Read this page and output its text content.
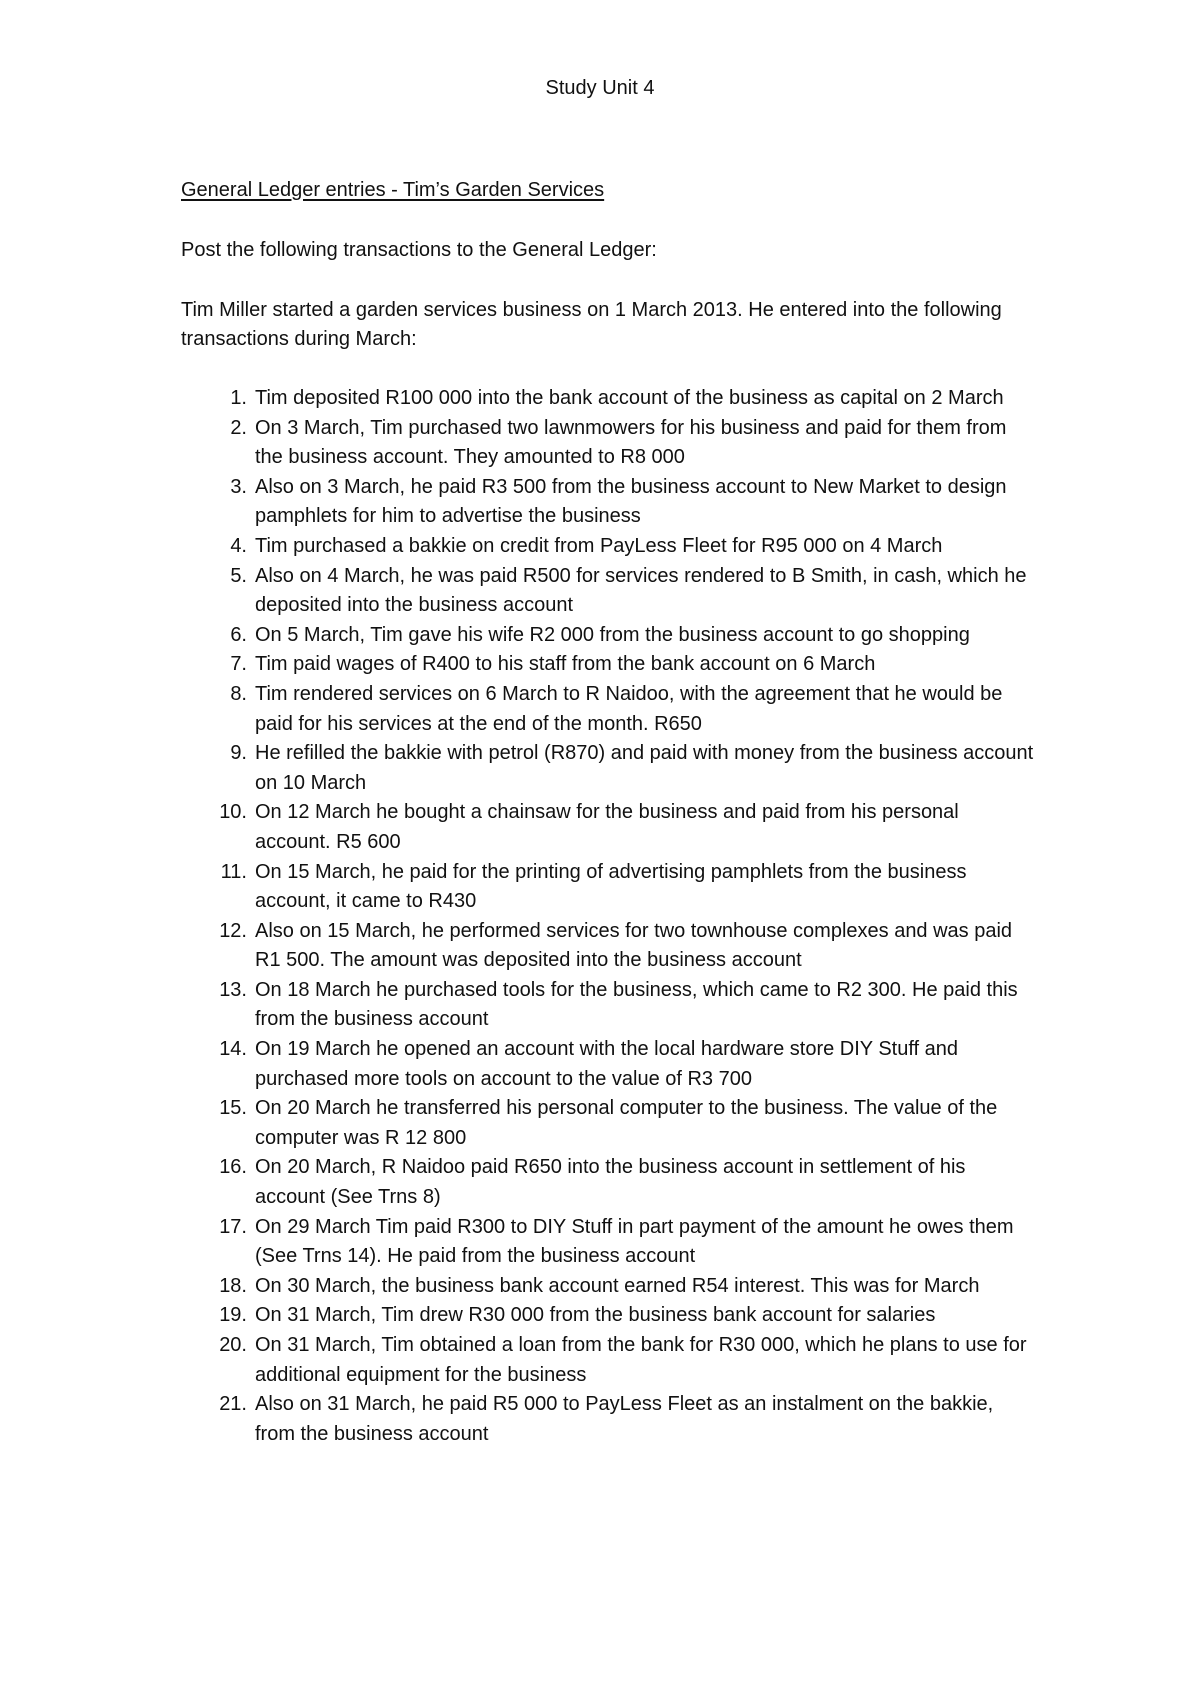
Study Unit 4
General Ledger entries - Tim’s Garden Services
Post the following transactions to the General Ledger:
Tim Miller started a garden services business on 1 March 2013. He entered into the following transactions during March:
1. Tim deposited R100 000 into the bank account of the business as capital on 2 March
2. On 3 March, Tim purchased two lawnmowers for his business and paid for them from the business account. They amounted to R8 000
3. Also on 3 March, he paid R3 500 from the business account to New Market to design pamphlets for him to advertise the business
4. Tim purchased a bakkie on credit from PayLess Fleet for R95 000 on 4 March
5. Also on 4 March, he was paid R500 for services rendered to B Smith, in cash, which he deposited into the business account
6. On 5 March, Tim gave his wife R2 000 from the business account to go shopping
7. Tim paid wages of R400 to his staff from the bank account on 6 March
8. Tim rendered services on 6 March to R Naidoo, with the agreement that he would be paid for his services at the end of the month. R650
9. He refilled the bakkie with petrol (R870) and paid with money from the business account on 10 March
10. On 12 March he bought a chainsaw for the business and paid from his personal account. R5 600
11. On 15 March, he paid for the printing of advertising pamphlets from the business account, it came to R430
12. Also on 15 March, he performed services for two townhouse complexes and was paid R1 500. The amount was deposited into the business account
13. On 18 March he purchased tools for the business, which came to R2 300. He paid this from the business account
14. On 19 March he opened an account with the local hardware store DIY Stuff and purchased more tools on account to the value of R3 700
15. On 20 March he transferred his personal computer to the business. The value of the computer was R 12 800
16. On 20 March, R Naidoo paid R650 into the business account in settlement of his account (See Trns 8)
17. On 29 March Tim paid R300 to DIY Stuff in part payment of the amount he owes them (See Trns 14). He paid from the business account
18. On 30 March, the business bank account earned R54 interest. This was for March
19. On 31 March, Tim drew R30 000 from the business bank account for salaries
20. On 31 March, Tim obtained a loan from the bank for R30 000, which he plans to use for additional equipment for the business
21. Also on 31 March, he paid R5 000 to PayLess Fleet as an instalment on the bakkie, from the business account
